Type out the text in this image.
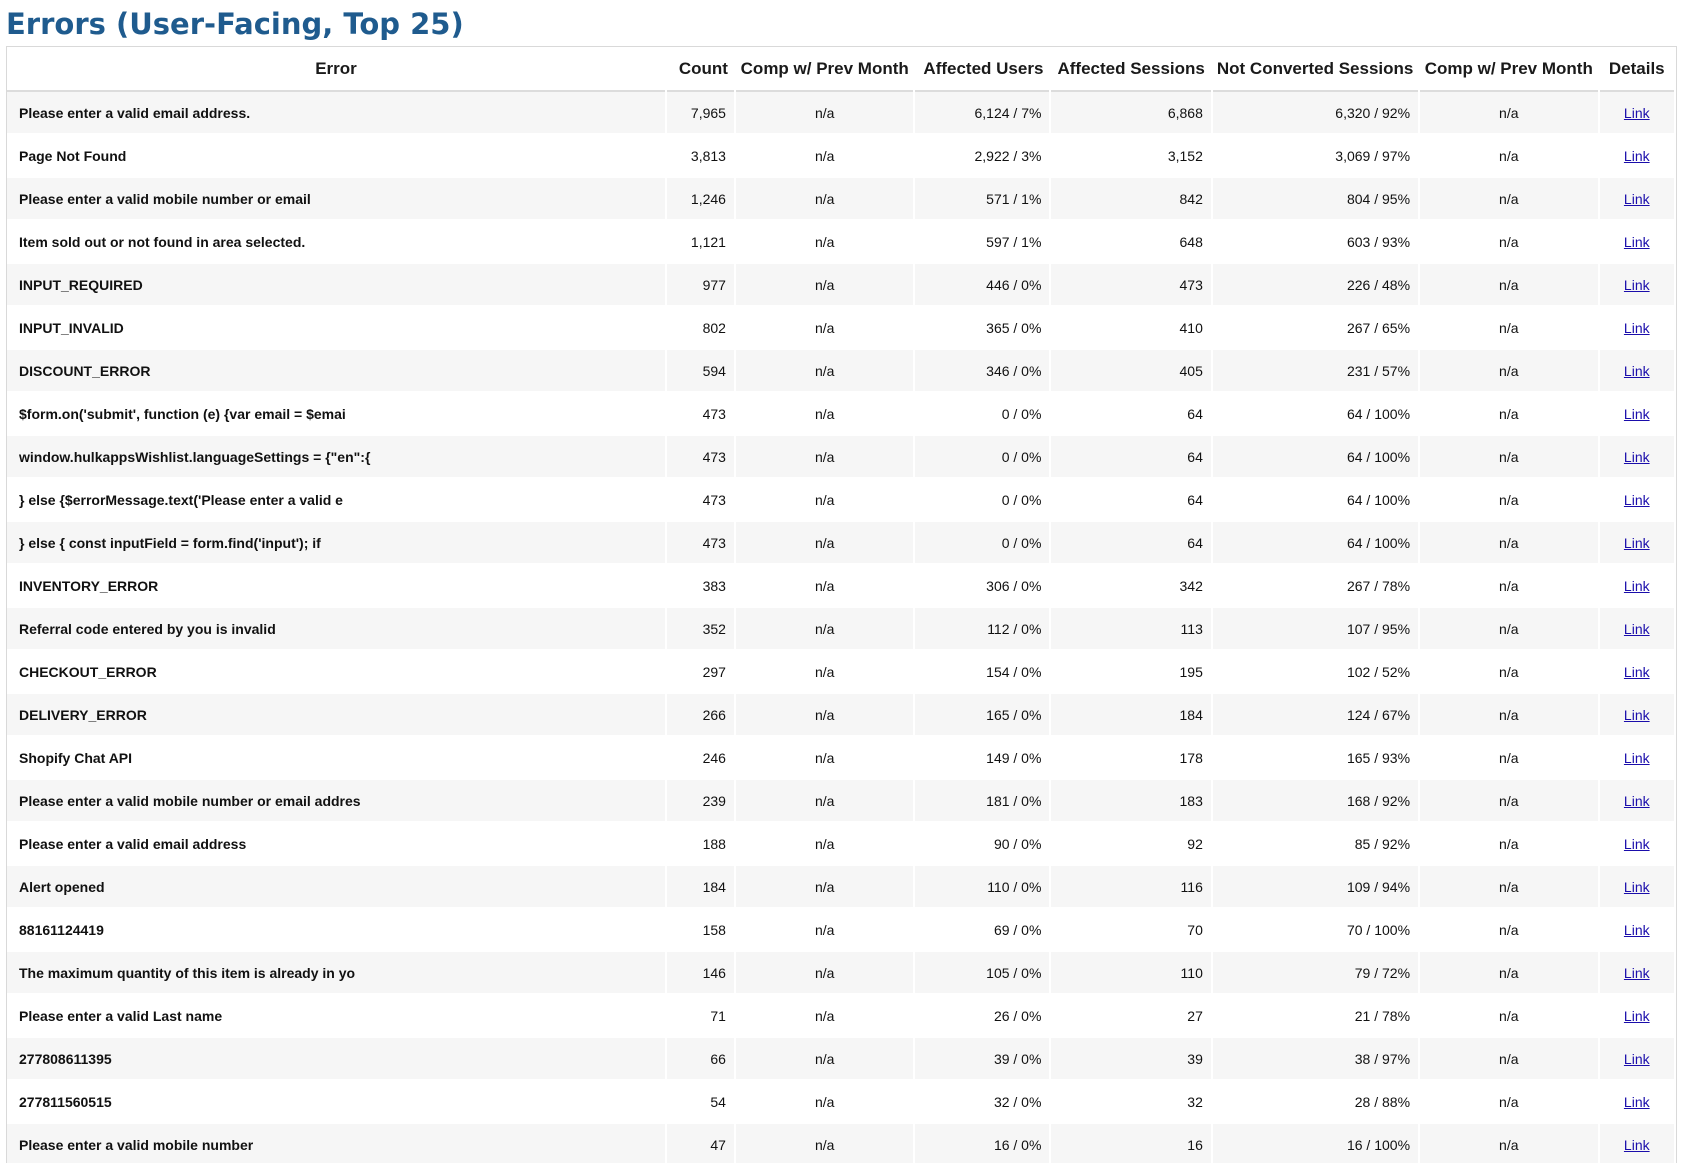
Errors (User-Facing, Top 25)
Error	Count	Comp w/ Prev Month	Affected Users	Affected Sessions	Not Converted Sessions	Comp w/ Prev Month	Details
Please enter a valid email address.	7,965	n/a	6,124 / 7%	6,868	6,320 / 92%	n/a	Link
Page Not Found	3,813	n/a	2,922 / 3%	3,152	3,069 / 97%	n/a	Link
Please enter a valid mobile number or email	1,246	n/a	571 / 1%	842	804 / 95%	n/a	Link
Item sold out or not found in area selected.	1,121	n/a	597 / 1%	648	603 / 93%	n/a	Link
INPUT_REQUIRED	977	n/a	446 / 0%	473	226 / 48%	n/a	Link
INPUT_INVALID	802	n/a	365 / 0%	410	267 / 65%	n/a	Link
DISCOUNT_ERROR	594	n/a	346 / 0%	405	231 / 57%	n/a	Link
$form.on('submit', function (e) {var email = $emai	473	n/a	0 / 0%	64	64 / 100%	n/a	Link
window.hulkappsWishlist.languageSettings = {"en":{	473	n/a	0 / 0%	64	64 / 100%	n/a	Link
} else {$errorMessage.text('Please enter a valid e	473	n/a	0 / 0%	64	64 / 100%	n/a	Link
} else { const inputField = form.find('input'); if	473	n/a	0 / 0%	64	64 / 100%	n/a	Link
INVENTORY_ERROR	383	n/a	306 / 0%	342	267 / 78%	n/a	Link
Referral code entered by you is invalid	352	n/a	112 / 0%	113	107 / 95%	n/a	Link
CHECKOUT_ERROR	297	n/a	154 / 0%	195	102 / 52%	n/a	Link
DELIVERY_ERROR	266	n/a	165 / 0%	184	124 / 67%	n/a	Link
Shopify Chat API	246	n/a	149 / 0%	178	165 / 93%	n/a	Link
Please enter a valid mobile number or email addres	239	n/a	181 / 0%	183	168 / 92%	n/a	Link
Please enter a valid email address	188	n/a	90 / 0%	92	85 / 92%	n/a	Link
Alert opened	184	n/a	110 / 0%	116	109 / 94%	n/a	Link
88161124419	158	n/a	69 / 0%	70	70 / 100%	n/a	Link
The maximum quantity of this item is already in yo	146	n/a	105 / 0%	110	79 / 72%	n/a	Link
Please enter a valid Last name	71	n/a	26 / 0%	27	21 / 78%	n/a	Link
277808611395	66	n/a	39 / 0%	39	38 / 97%	n/a	Link
277811560515	54	n/a	32 / 0%	32	28 / 88%	n/a	Link
Please enter a valid mobile number	47	n/a	16 / 0%	16	16 / 100%	n/a	Link
